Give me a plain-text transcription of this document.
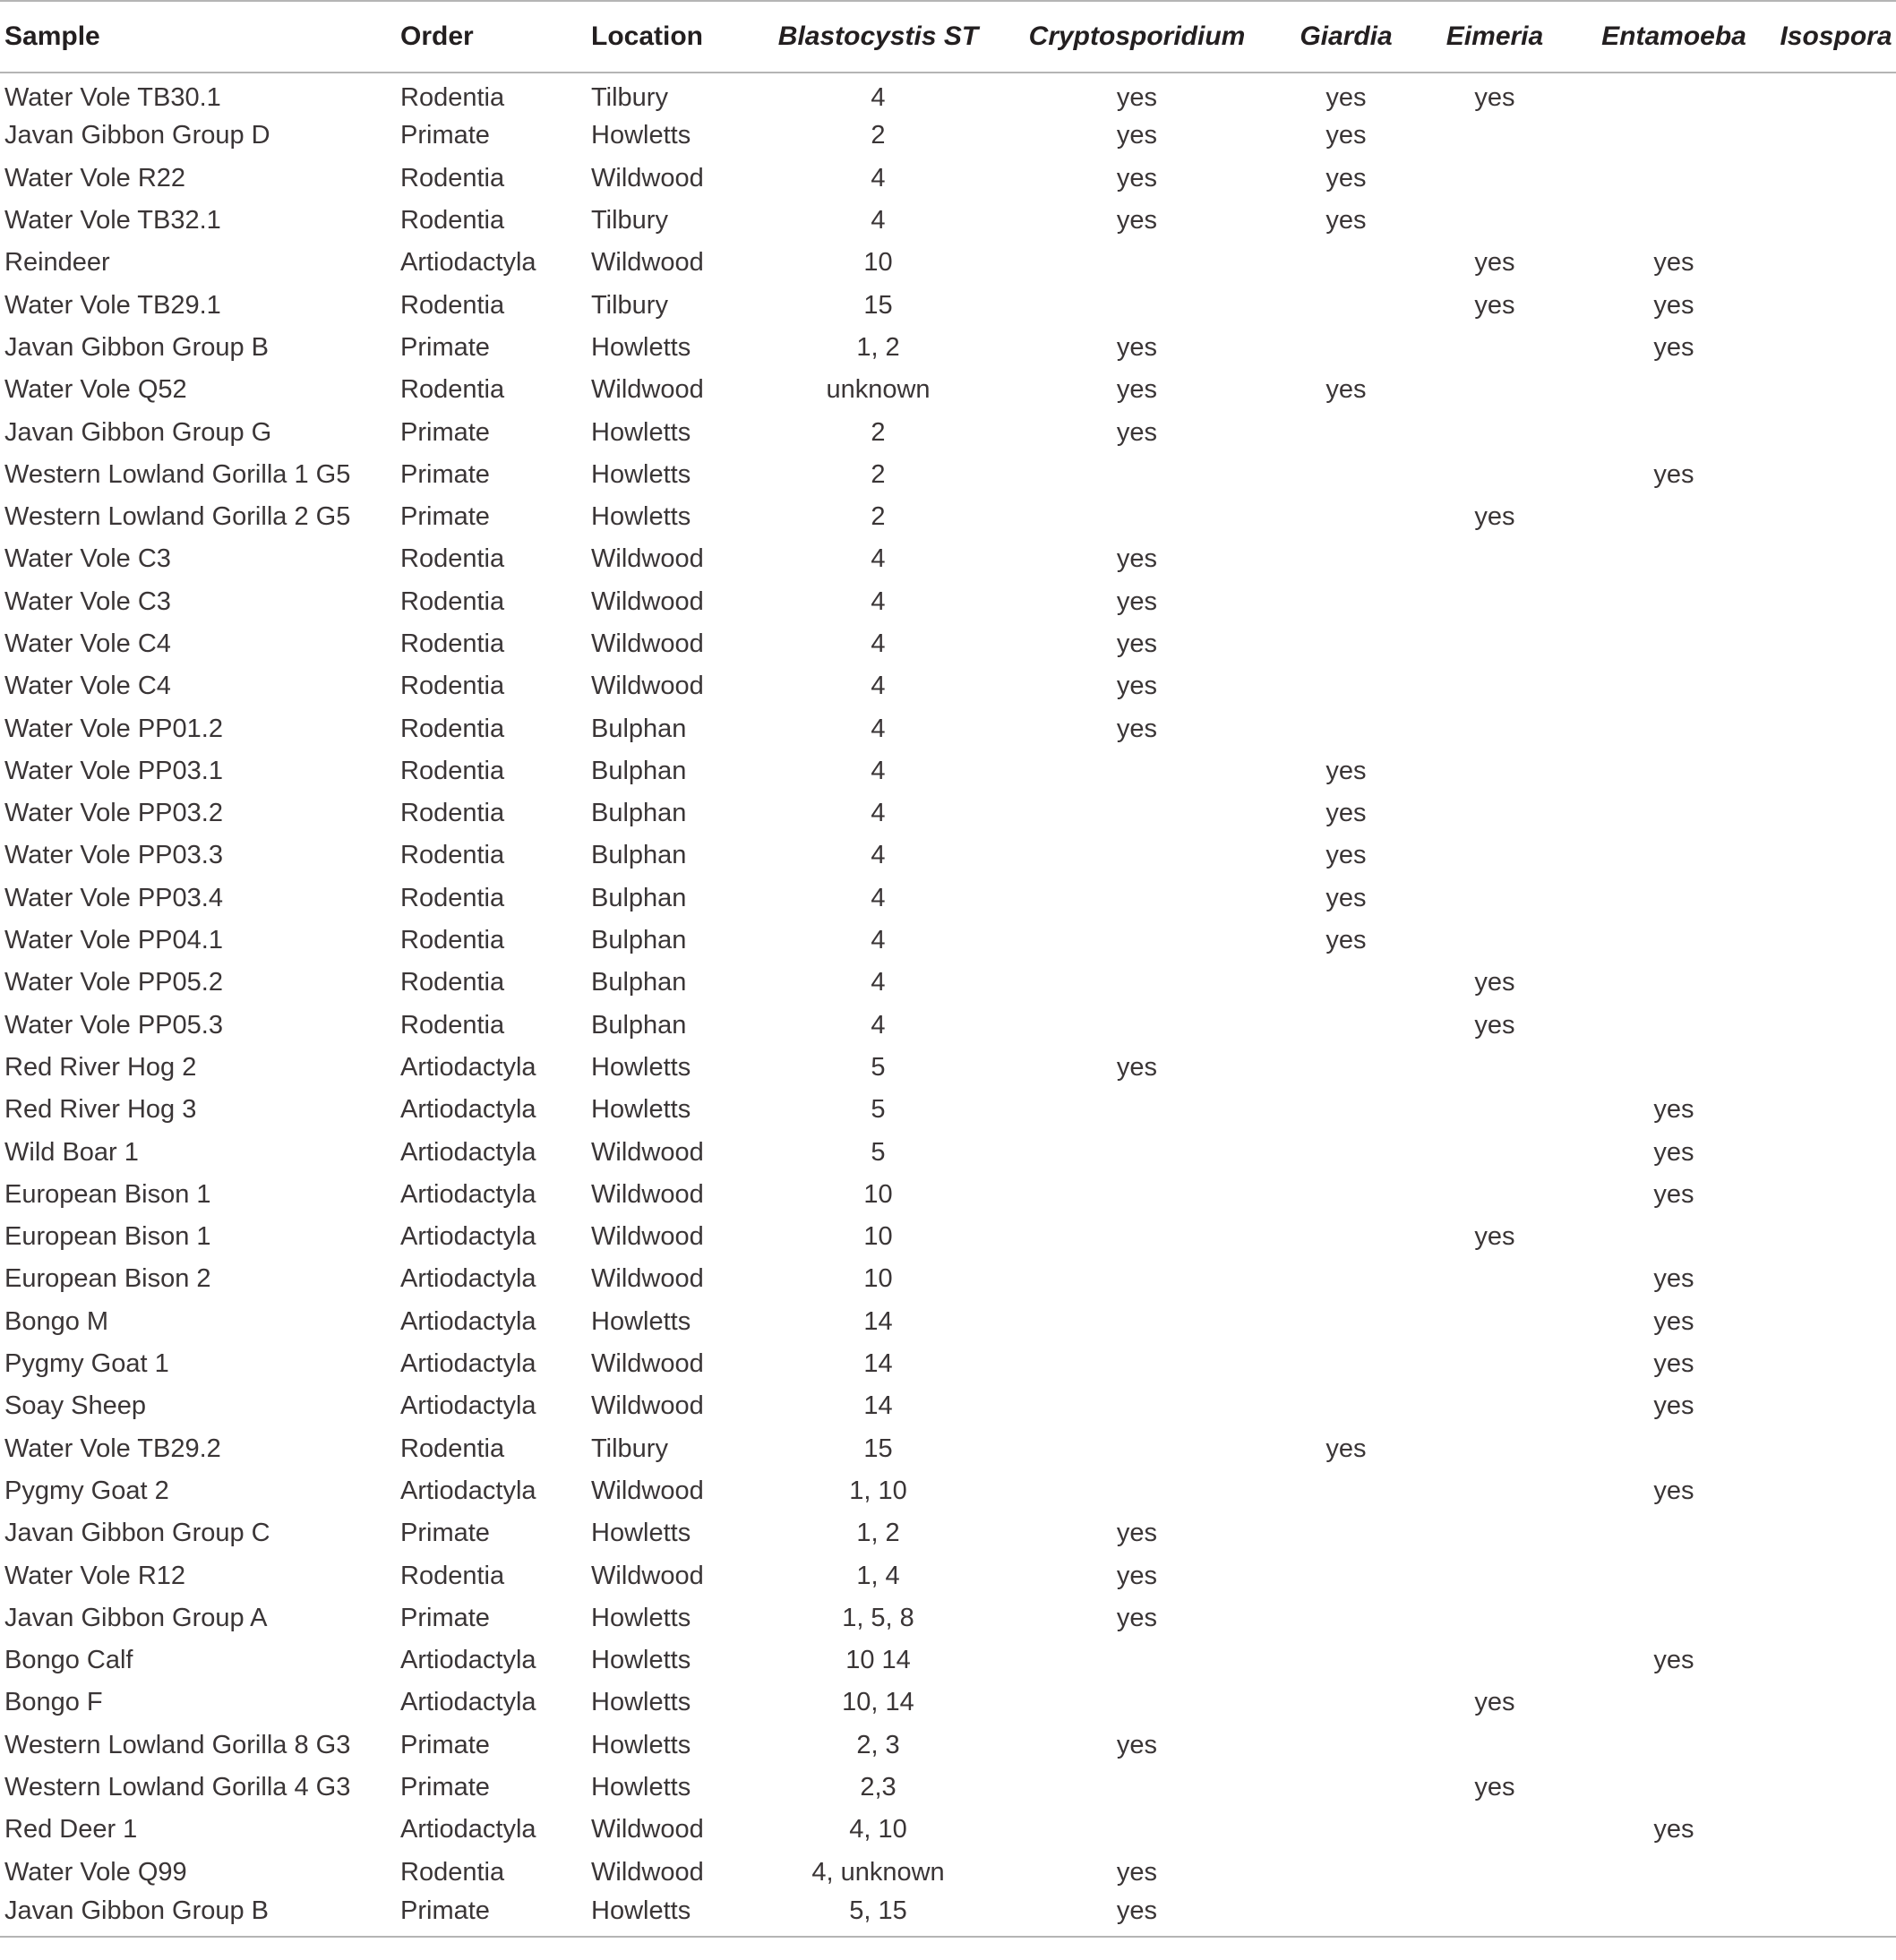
Sample	Order	Location	Blastocystis ST	Cryptosporidium	Giardia	Eimeria	Entamoeba	Isospora
Water Vole TB30.1	Rodentia	Tilbury	4	yes	yes	yes		
Javan Gibbon Group D	Primate	Howletts	2	yes	yes			
Water Vole R22	Rodentia	Wildwood	4	yes	yes			
Water Vole TB32.1	Rodentia	Tilbury	4	yes	yes			
Reindeer	Artiodactyla	Wildwood	10			yes	yes	
Water Vole TB29.1	Rodentia	Tilbury	15			yes	yes	
Javan Gibbon Group B	Primate	Howletts	1, 2	yes			yes	
Water Vole Q52	Rodentia	Wildwood	unknown	yes	yes			
Javan Gibbon Group G	Primate	Howletts	2	yes				
Western Lowland Gorilla 1 G5	Primate	Howletts	2				yes	
Western Lowland Gorilla 2 G5	Primate	Howletts	2			yes		
Water Vole C3	Rodentia	Wildwood	4	yes				
Water Vole C3	Rodentia	Wildwood	4	yes				
Water Vole C4	Rodentia	Wildwood	4	yes				
Water Vole C4	Rodentia	Wildwood	4	yes				
Water Vole PP01.2	Rodentia	Bulphan	4	yes				
Water Vole PP03.1	Rodentia	Bulphan	4		yes			
Water Vole PP03.2	Rodentia	Bulphan	4		yes			
Water Vole PP03.3	Rodentia	Bulphan	4		yes			
Water Vole PP03.4	Rodentia	Bulphan	4		yes			
Water Vole PP04.1	Rodentia	Bulphan	4		yes			
Water Vole PP05.2	Rodentia	Bulphan	4			yes		
Water Vole PP05.3	Rodentia	Bulphan	4			yes		
Red River Hog 2	Artiodactyla	Howletts	5	yes				
Red River Hog 3	Artiodactyla	Howletts	5				yes	
Wild Boar 1	Artiodactyla	Wildwood	5				yes	
European Bison 1	Artiodactyla	Wildwood	10				yes	
European Bison 1	Artiodactyla	Wildwood	10			yes		
European Bison 2	Artiodactyla	Wildwood	10				yes	
Bongo M	Artiodactyla	Howletts	14				yes	
Pygmy Goat 1	Artiodactyla	Wildwood	14				yes	
Soay Sheep	Artiodactyla	Wildwood	14				yes	
Water Vole TB29.2	Rodentia	Tilbury	15		yes			
Pygmy Goat 2	Artiodactyla	Wildwood	1, 10				yes	
Javan Gibbon Group C	Primate	Howletts	1, 2	yes				
Water Vole R12	Rodentia	Wildwood	1, 4	yes				
Javan Gibbon Group A	Primate	Howletts	1, 5, 8	yes				
Bongo Calf	Artiodactyla	Howletts	10 14				yes	
Bongo F	Artiodactyla	Howletts	10, 14			yes		
Western Lowland Gorilla 8 G3	Primate	Howletts	2, 3	yes				
Western Lowland Gorilla 4 G3	Primate	Howletts	2,3			yes		
Red Deer 1	Artiodactyla	Wildwood	4, 10				yes	
Water Vole Q99	Rodentia	Wildwood	4, unknown	yes				
Javan Gibbon Group B	Primate	Howletts	5, 15	yes				
